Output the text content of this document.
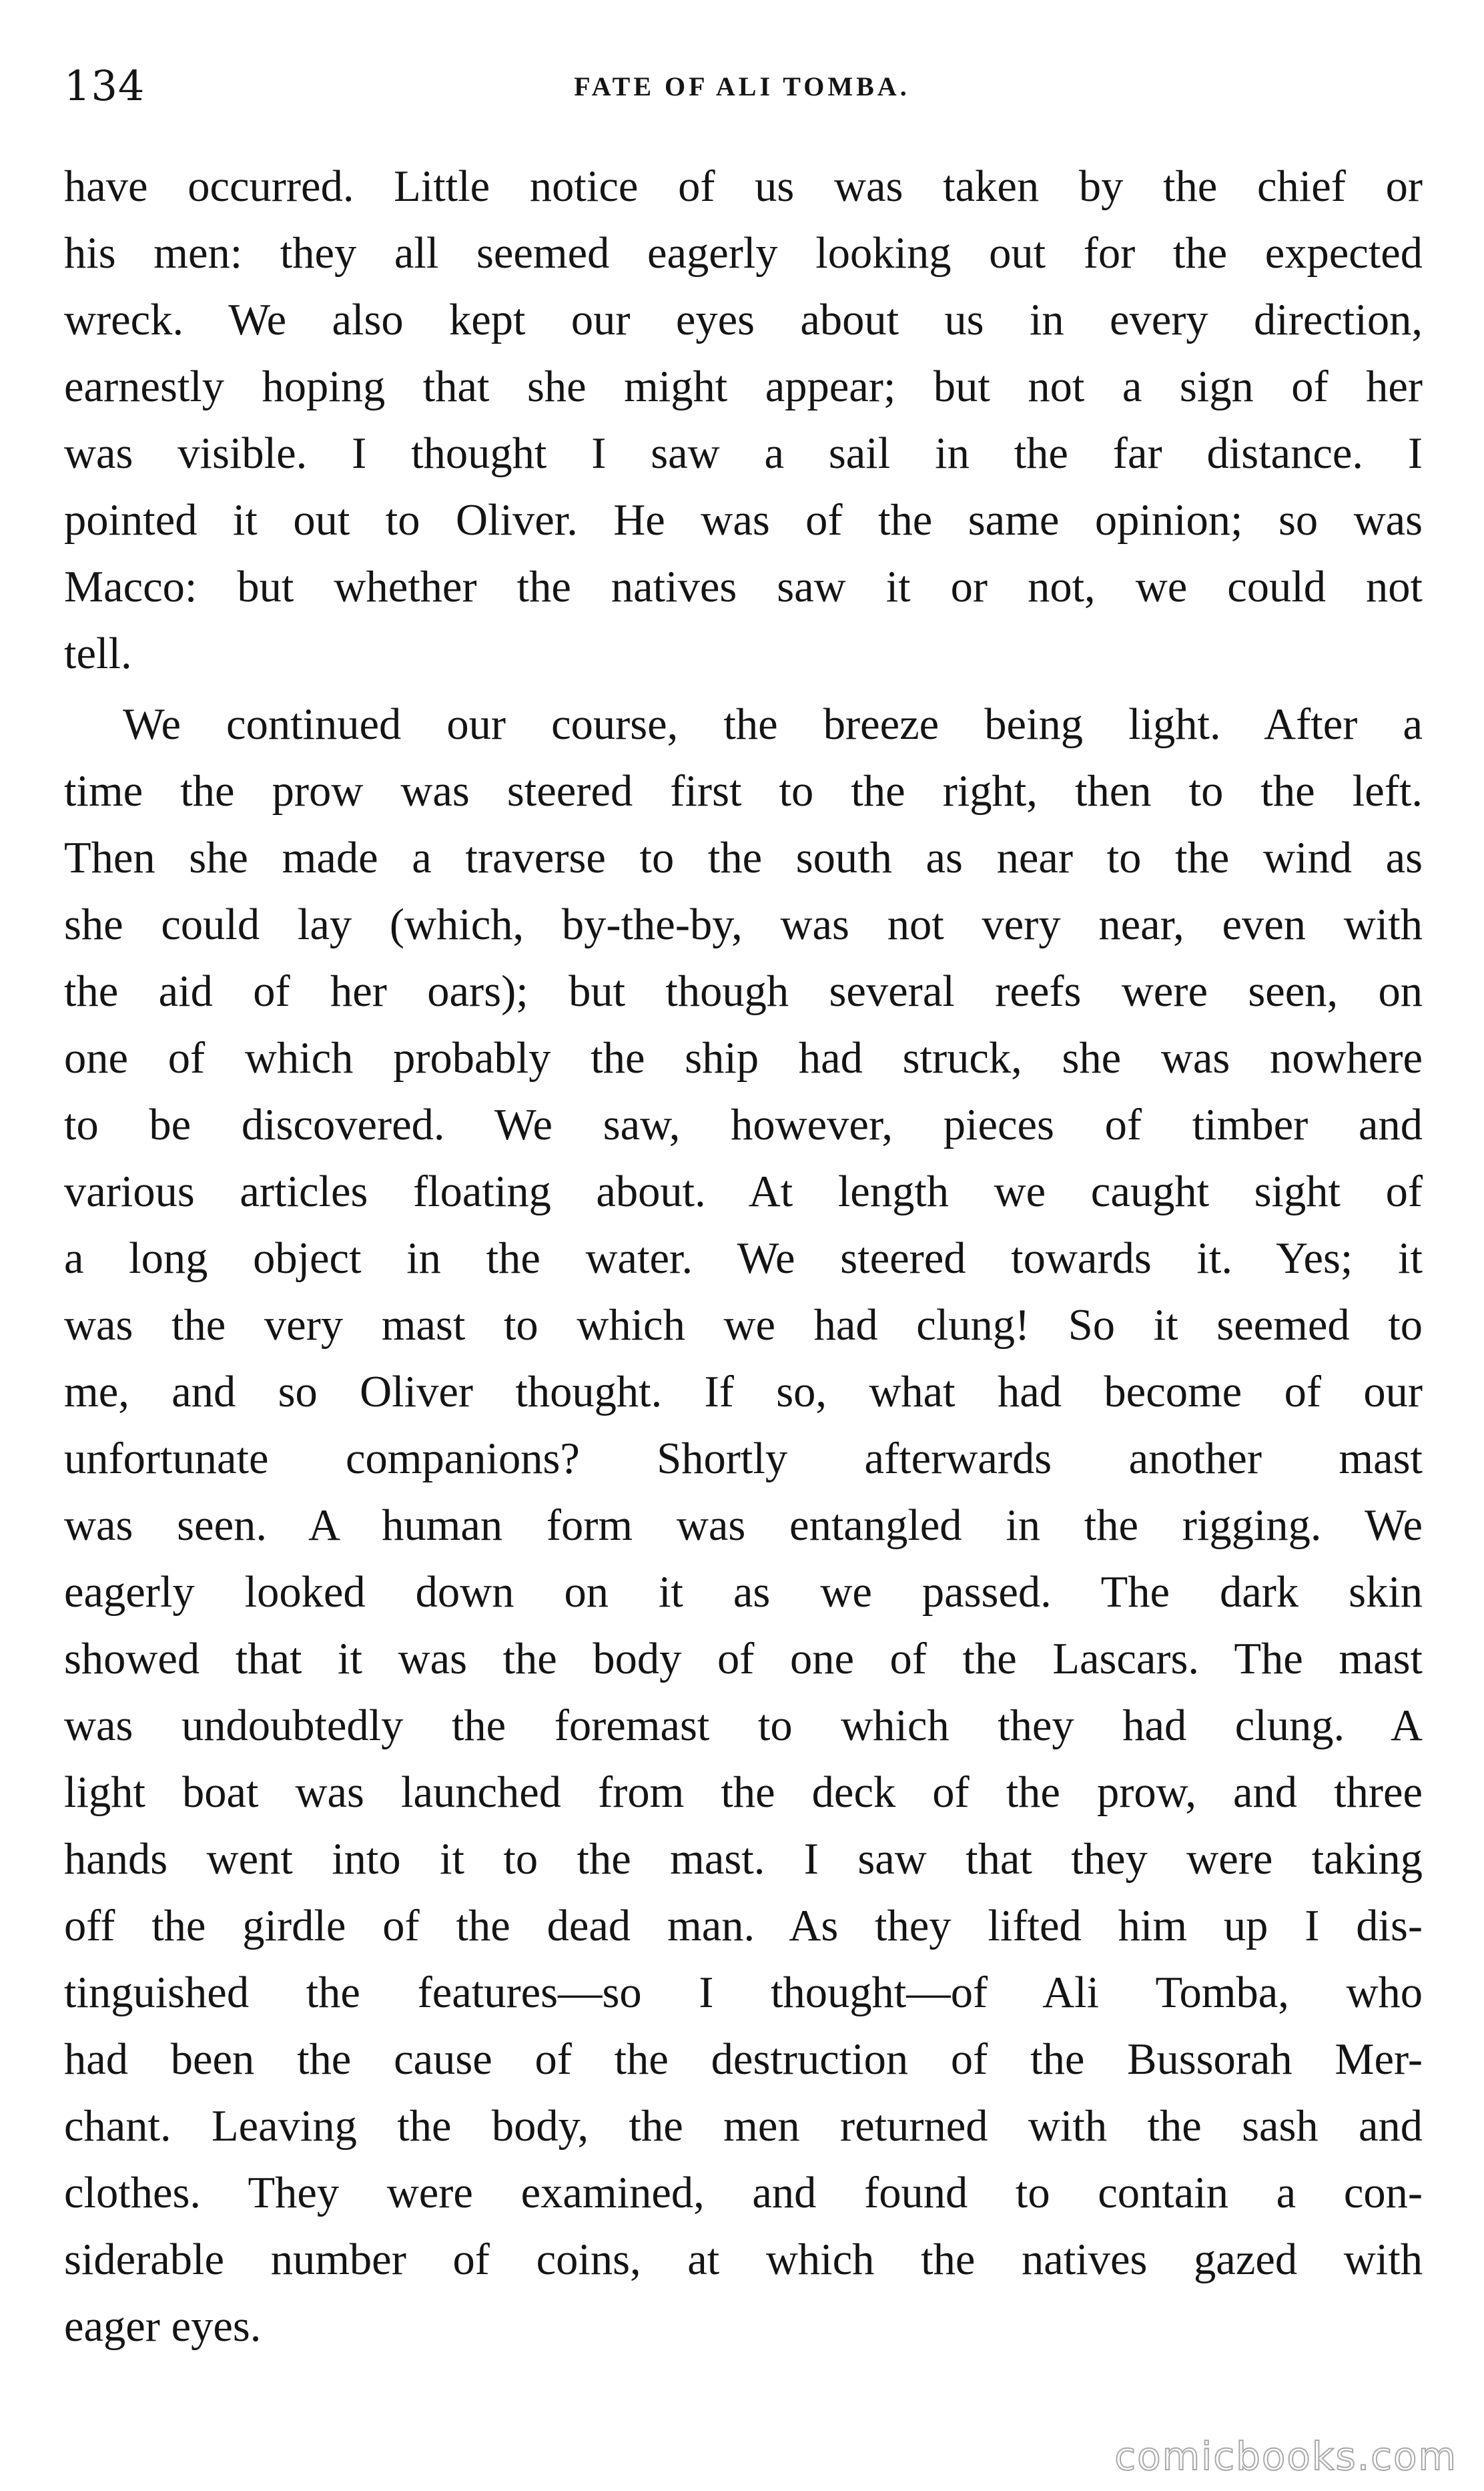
134	FATE OF ALI TOMBA.
have occurred. Little notice of us was taken by the chief or
his men: they all seemed eagerly looking out for the expected
wreck. We also kept our eyes about us in every direction,
earnestly hoping that she might appear; but not a sign of her
was visible. I thought I saw a sail in the far distance. I
pointed it out to Oliver. He was of the same opinion; so was
Macco: but whether the natives saw it or not, we could not
tell.
We continued our course, the breeze being light. After a
time the prow was steered first to the right, then to the left.
Then she made a traverse to the south as near to the wind as
she could lay (which, by-the-by, was not very near, even with
the aid of her oars); but though several reefs were seen, on
one of which probably the ship had struck, she was nowhere
to be discovered. We saw, however, pieces of timber and
various articles floating about. At length we caught sight of
a long object in the water. We steered towards it. Yes; it
was the very mast to which we had clung! So it seemed to
me, and so Oliver thought. If so, what had become of our
unfortunate companions? Shortly afterwards another mast
was seen. A human form was entangled in the rigging. We
eagerly looked down on it as we passed. The dark skin
showed that it was the body of one of the Lascars. The mast
was undoubtedly the foremast to which they had clung. A
light boat was launched from the deck of the prow, and three
hands went into it to the mast. I saw that they were taking
off the girdle of the dead man. As they lifted him up I dis-
tinguished the features—so I thought—of Ali Tomba, who
had been the cause of the destruction of the Bussorah Mer-
chant. Leaving the body, the men returned with the sash and
clothes. They were examined, and found to contain a con-
siderable number of coins, at which the natives gazed with
eager eyes.
comicbooks.com
